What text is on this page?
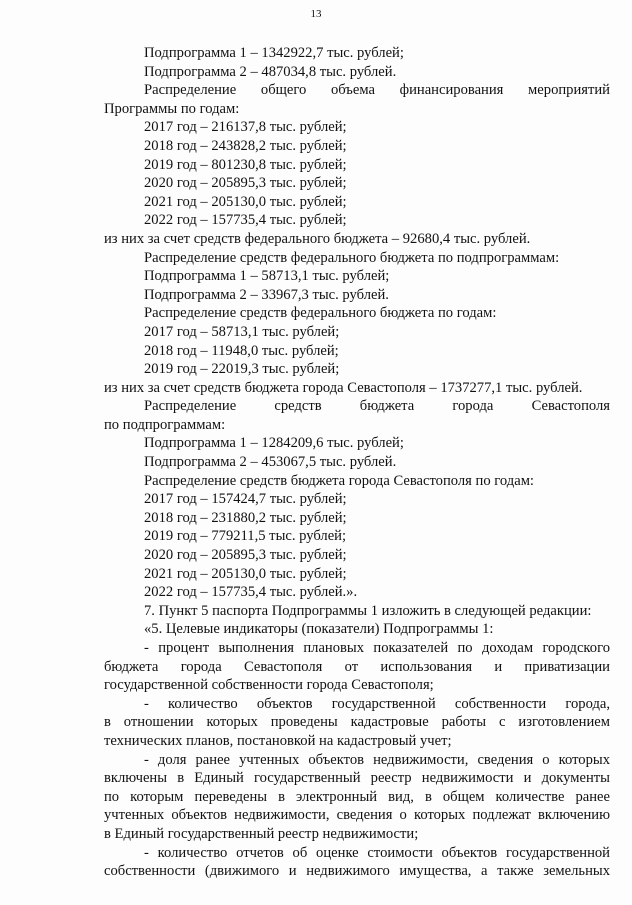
13
Подпрограмма 1 – 1342922,7 тыс. рублей;
Подпрограмма 2 – 487034,8 тыс. рублей.
Распределение общего объема финансирования мероприятий
Программы по годам:
2017 год – 216137,8 тыс. рублей;
2018 год – 243828,2 тыс. рублей;
2019 год – 801230,8 тыс. рублей;
2020 год – 205895,3 тыс. рублей;
2021 год – 205130,0 тыс. рублей;
2022 год – 157735,4 тыс. рублей;
из них за счет средств федерального бюджета – 92680,4 тыс. рублей.
Распределение средств федерального бюджета по подпрограммам:
Подпрограмма 1 – 58713,1 тыс. рублей;
Подпрограмма 2 – 33967,3 тыс. рублей.
Распределение средств федерального бюджета по годам:
2017 год – 58713,1 тыс. рублей;
2018 год – 11948,0 тыс. рублей;
2019 год – 22019,3 тыс. рублей;
из них за счет средств бюджета города Севастополя – 1737277,1 тыс. рублей.
Распределение средств бюджета города Севастополя
по подпрограммам:
Подпрограмма 1 – 1284209,6 тыс. рублей;
Подпрограмма 2 – 453067,5 тыс. рублей.
Распределение средств бюджета города Севастополя по годам:
2017 год – 157424,7 тыс. рублей;
2018 год – 231880,2 тыс. рублей;
2019 год – 779211,5 тыс. рублей;
2020 год – 205895,3 тыс. рублей;
2021 год – 205130,0 тыс. рублей;
2022 год – 157735,4 тыс. рублей.».
7. Пункт 5 паспорта Подпрограммы 1 изложить в следующей редакции:
«5. Целевые индикаторы (показатели) Подпрограммы 1:
- процент выполнения плановых показателей по доходам городского
бюджета города Севастополя от использования и приватизации
государственной собственности города Севастополя;
- количество объектов государственной собственности города,
в отношении которых проведены кадастровые работы с изготовлением
технических планов, постановкой на кадастровый учет;
- доля ранее учтенных объектов недвижимости, сведения о которых
включены в Единый государственный реестр недвижимости и документы
по которым переведены в электронный вид, в общем количестве ранее
учтенных объектов недвижимости, сведения о которых подлежат включению
в Единый государственный реестр недвижимости;
- количество отчетов об оценке стоимости объектов государственной
собственности (движимого и недвижимого имущества, а также земельных
